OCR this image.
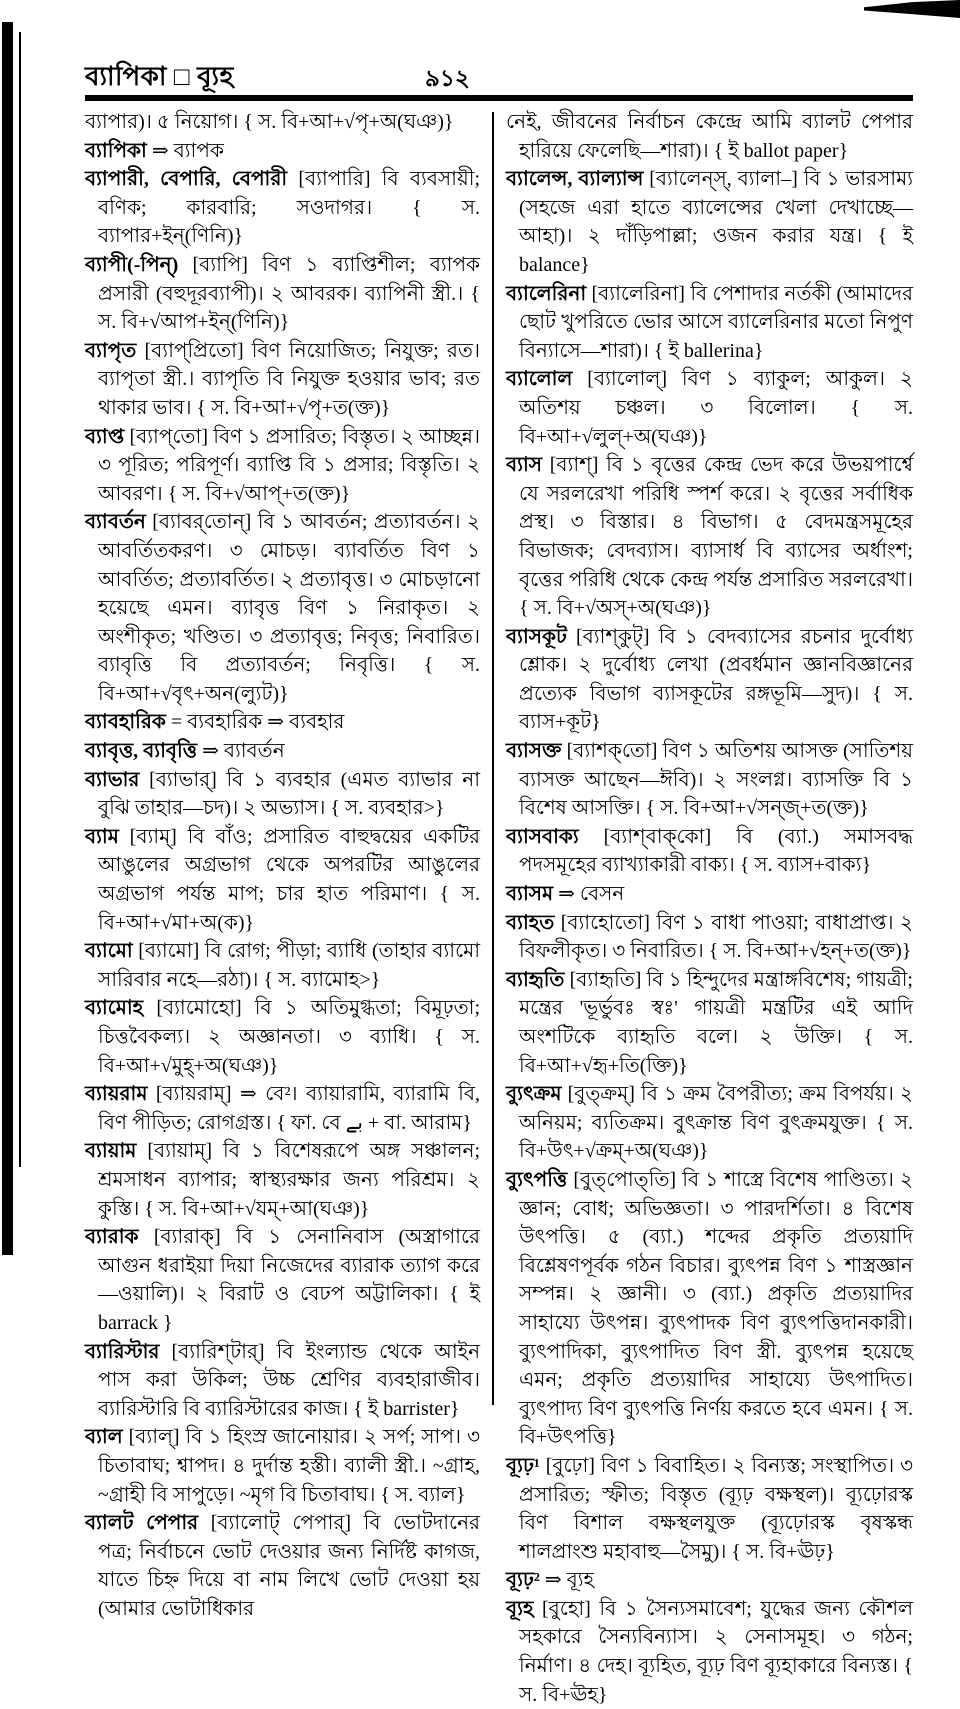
ব্যাপিকা □ ব্যূহ	৯১২

ব্যাপার)। ৫ নিয়োগ। { স. বি+আ+√পৃ+অ(ঘঞ)}

ব্যাপিকা ⇒ ব্যাপক

ব্যাপারী, বেপারি, বেপারী [ব্যাপারি] বি ব্যবসায়ী; বণিক; কারবারি; সওদাগর। { স. ব্যাপার+ইন্(ণিনি)}

ব্যাপী(-পিন্) [ব্যাপি] বিণ ১ ব্যাপ্তিশীল; ব্যাপক প্রসারী (বহুদূরব্যাপী)। ২ আবরক। ব্যাপিনী স্ত্রী.। { স. বি+√আপ+ইন্(ণিনি)}

ব্যাপৃত [ব্যাপ্‌প্রিতো] বিণ নিয়োজিত; নিযুক্ত; রত। ব্যাপৃতা স্ত্রী.। ব্যাপৃতি বি নিযুক্ত হওয়ার ভাব; রত থাকার ভাব। { স. বি+আ+√পৃ+ত(ক্ত)}

ব্যাপ্ত [ব্যাপ্‌তো] বিণ ১ প্রসারিত; বিস্তৃত। ২ আচ্ছন্ন। ৩ পূরিত; পরিপূর্ণ। ব্যাপ্তি বি ১ প্রসার; বিস্তৃতি। ২ আবরণ। { স. বি+√আপ্+ত(ক্ত)}

ব্যাবর্তন [ব্যাবর্‌তোন্] বি ১ আবর্তন; প্রত্যাবর্তন। ২ আবর্তিতকরণ। ৩ মোচড়। ব্যাবর্তিত বিণ ১ আবর্তিত; প্রত্যাবর্তিত। ২ প্রত্যাবৃত্ত। ৩ মোচড়ানো হয়েছে এমন। ব্যাবৃত্ত বিণ ১ নিরাকৃত। ২ অংশীকৃত; খণ্ডিত। ৩ প্রত্যাবৃত্ত; নিবৃত্ত; নিবারিত। ব্যাবৃত্তি বি প্রত্যাবর্তন; নিবৃত্তি। { স. বি+আ+√বৃৎ+অন(ল্যুট)}

ব্যাবহারিক = ব্যবহারিক ⇒ ব্যবহার

ব্যাবৃত্ত, ব্যাবৃত্তি ⇒ ব্যাবর্তন

ব্যাভার [ব্যাভার্] বি ১ ব্যবহার (এমত ব্যাভার না বুঝি তাহার—চদ)। ২ অভ্যাস। { স. ব্যবহার>}

ব্যাম [ব্যাম্] বি বাঁও; প্রসারিত বাহুদ্বয়ের একটির আঙুলের অগ্রভাগ থেকে অপরটির আঙুলের অগ্রভাগ পর্যন্ত মাপ; চার হাত পরিমাণ। { স. বি+আ+√মা+অ(ক)}

ব্যামো [ব্যামো] বি রোগ; পীড়া; ব্যাধি (তাহার ব্যামো সারিবার নহে—রঠা)। { স. ব্যামোহ>}

ব্যামোহ [ব্যামোহো] বি ১ অতিমুগ্ধতা; বিমূঢ়তা; চিত্তবৈকল্য। ২ অজ্ঞানতা। ৩ ব্যাধি। { স. বি+আ+√মুহ্+অ(ঘঞ)}

ব্যায়রাম [ব্যায়রাম্] ⇒ বে²। ব্যায়ারামি, ব্যারামি বি, বিণ পীড়িত; রোগগ্রস্ত। { ফা. বে بے + বা. আরাম}

ব্যায়াম [ব্যায়াম্] বি ১ বিশেষরূপে অঙ্গ সঞ্চালন; শ্রমসাধন ব্যাপার; স্বাস্থ্যরক্ষার জন্য পরিশ্রম। ২ কুস্তি। { স. বি+আ+√যম্+আ(ঘঞ)}

ব্যারাক [ব্যারাক্] বি ১ সেনানিবাস (অস্ত্রাগারে আগুন ধরাইয়া দিয়া নিজেদের ব্যারাক ত্যাগ করে—ওয়ালি)। ২ বিরাট ও বেঢপ অট্টালিকা। { ই barrack }

ব্যারিস্টার [ব্যারিশ্‌টার্] বি ইংল্যান্ড থেকে আইন পাস করা উকিল; উচ্চ শ্রেণির ব্যবহারাজীব। ব্যারিস্টারি বি ব্যারিস্টারের কাজ। { ই barrister}

ব্যাল [ব্যাল্] বি ১ হিংস্র জানোয়ার। ২ সর্প; সাপ। ৩ চিতাবাঘ; শ্বাপদ। ৪ দুর্দান্ত হস্তী। ব্যালী স্ত্রী.। ~গ্রাহ, ~গ্রাহী বি সাপুড়ে। ~মৃগ বি চিতাবাঘ। { স. ব্যাল}

ব্যালট পেপার [ব্যালোট্ পেপার্] বি ভোটদানের পত্র; নির্বাচনে ভোট দেওয়ার জন্য নির্দিষ্ট কাগজ, যাতে চিহ্ন দিয়ে বা নাম লিখে ভোট দেওয়া হয় (আমার ভোটাধিকার

নেই, জীবনের নির্বাচন কেন্দ্রে আমি ব্যালট পেপার হারিয়ে ফেলেছি—শারা)। { ই ballot paper}

ব্যালেন্স, ব্যাল্যান্স [ব্যালেন্স্, ব্যালা–] বি ১ ভারসাম্য (সহজে এরা হাতে ব্যালেন্সের খেলা দেখাচ্ছে—আহা)। ২ দাঁড়িপাল্লা; ওজন করার যন্ত্র। { ই balance}

ব্যালেরিনা [ব্যালেরিনা] বি পেশাদার নর্তকী (আমাদের ছোট খুপরিতে ভোর আসে ব্যালেরিনার মতো নিপুণ বিন্যাসে—শারা)। { ই ballerina}

ব্যালোল [ব্যালোল্] বিণ ১ ব্যাকুল; আকুল। ২ অতিশয় চঞ্চল। ৩ বিলোল। { স. বি+আ+√লুল্+অ(ঘঞ)}

ব্যাস [ব্যাশ্] বি ১ বৃত্তের কেন্দ্র ভেদ করে উভয়পার্শ্বে যে সরলরেখা পরিধি স্পর্শ করে। ২ বৃত্তের সর্বাধিক প্রস্থ। ৩ বিস্তার। ৪ বিভাগ। ৫ বেদমন্ত্রসমূহের বিভাজক; বেদব্যাস। ব্যাসার্ধ বি ব্যাসের অর্ধাংশ; বৃত্তের পরিধি থেকে কেন্দ্র পর্যন্ত প্রসারিত সরলরেখা। { স. বি+√অস্+অ(ঘঞ)}

ব্যাসকূট [ব্যাশ্‌কুট্] বি ১ বেদব্যাসের রচনার দুর্বোধ্য শ্লোক। ২ দুর্বোধ্য লেখা (প্রবর্ধমান জ্ঞানবিজ্ঞানের প্রত্যেক বিভাগ ব্যাসকূটের রঙ্গভূমি—সুদ)। { স. ব্যাস+কূট}

ব্যাসক্ত [ব্যাশক্‌তো] বিণ ১ অতিশয় আসক্ত (সাতিশয় ব্যাসক্ত আছেন—ঈবি)। ২ সংলগ্ন। ব্যাসক্তি বি ১ বিশেষ আসক্তি। { স. বি+আ+√সন্‌জ্+ত(ক্ত)}

ব্যাসবাক্য [ব্যাশ্‌বাক্‌কো] বি (ব্যা.) সমাসবদ্ধ পদসমূহের ব্যাখ্যাকারী বাক্য। { স. ব্যাস+বাক্য}

ব্যাসম ⇒ বেসন

ব্যাহত [ব্যাহোতো] বিণ ১ বাধা পাওয়া; বাধাপ্রাপ্ত। ২ বিফলীকৃত। ৩ নিবারিত। { স. বি+আ+√হন্+ত(ক্ত)}

ব্যাহৃতি [ব্যাহৃতি] বি ১ হিন্দুদের মন্ত্রাঙ্গবিশেষ; গায়ত্রী; মন্ত্রের 'ভূর্ভুবঃ স্বঃ' গায়ত্রী মন্ত্রটির এই আদি অংশটিকে ব্যাহৃতি বলে। ২ উক্তি। { স. বি+আ+√হৃ+তি(ক্তি)}

ব্যুৎক্রম [বুত্‌ক্রম্] বি ১ ক্রম বৈপরীত্য; ক্রম বিপর্যয়। ২ অনিয়ম; ব্যতিক্রম। বুৎক্রান্ত বিণ বুৎক্রমযুক্ত। { স. বি+উৎ+√ক্রম্+অ(ঘঞ)}

ব্যুৎপত্তি [বুত্‌পোত্‌তি] বি ১ শাস্ত্রে বিশেষ পাণ্ডিত্য। ২ জ্ঞান; বোধ; অভিজ্ঞতা। ৩ পারদর্শিতা। ৪ বিশেষ উৎপত্তি। ৫ (ব্যা.) শব্দের প্রকৃতি প্রত্যয়াদি বিশ্লেষণপূর্বক গঠন বিচার। ব্যুৎপন্ন বিণ ১ শাস্ত্রজ্ঞান সম্পন্ন। ২ জ্ঞানী। ৩ (ব্যা.) প্রকৃতি প্রত্যয়াদির সাহায্যে উৎপন্ন। ব্যুৎপাদক বিণ ব্যুৎপত্তিদানকারী। ব্যুৎপাদিকা, ব্যুৎপাদিত বিণ স্ত্রী. ব্যুৎপন্ন হয়েছে এমন; প্রকৃতি প্রত্যয়াদির সাহায্যে উৎপাদিত। ব্যুৎপাদ্য বিণ ব্যুৎপত্তি নির্ণয় করতে হবে এমন। { স. বি+উৎপত্তি}

ব্যূঢ়¹ [বুঢ়ো] বিণ ১ বিবাহিত। ২ বিন্যস্ত; সংস্থাপিত। ৩ প্রসারিত; স্ফীত; বিস্তৃত (ব্যূঢ় বক্ষস্থল)। ব্যূঢ়োরস্ক বিণ বিশাল বক্ষস্থলযুক্ত (ব্যূঢ়োরস্ক বৃষস্কন্ধ শালপ্রাংশু মহাবাহু—সৈমু)। { স. বি+ঊঢ়}

ব্যূঢ়² ⇒ ব্যূহ

ব্যূহ [বুহো] বি ১ সৈন্যসমাবেশ; যুদ্ধের জন্য কৌশল সহকারে সৈন্যবিন্যাস। ২ সেনাসমূহ। ৩ গঠন; নির্মাণ। ৪ দেহ। ব্যূহিত, ব্যূঢ় বিণ ব্যূহাকারে বিন্যস্ত। { স. বি+ঊহ}
